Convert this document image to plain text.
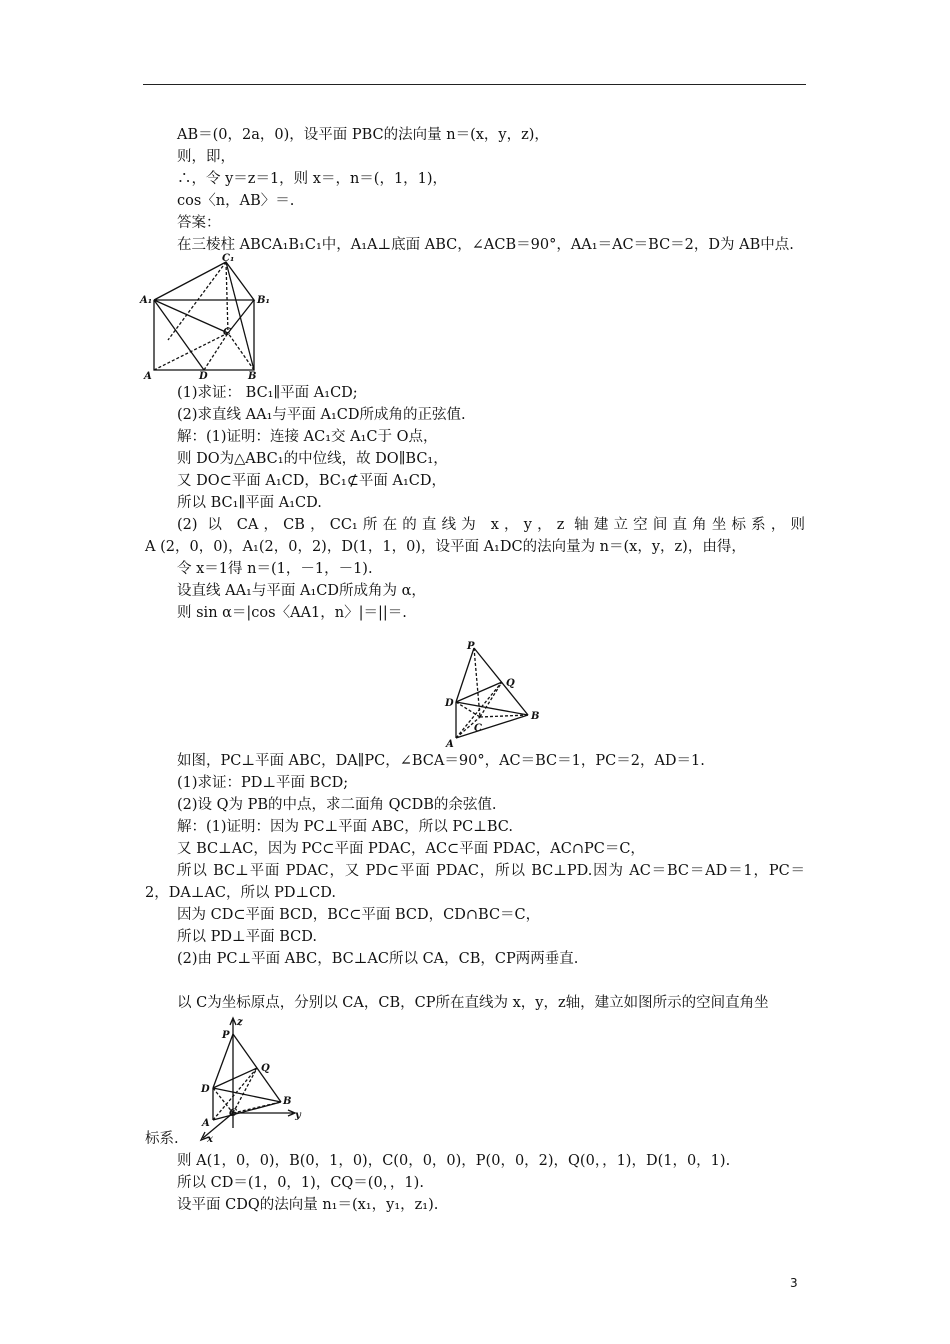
AB＝(0，2a，0)，设平面 PBC的法向量 n＝(x，y，z)，
则，即，
∴，令 y＝z＝1，则 x＝，n＝(，1，1)，
cos〈n，AB〉＝.
答案：
在三棱柱 ABCA₁B₁C₁中，A₁A⊥底面 ABC，∠ACB＝90°，AA₁＝AC＝BC＝2，D为 AB中点.
C₁
A₁	B₁
C
A	D	B
(1)求证： BC₁∥平面 A₁CD;
(2)求直线 AA₁与平面 A₁CD所成角的正弦值.
解：(1)证明：连接 AC₁交 A₁C于 O点，
则 DO为△ABC₁的中位线，故 DO∥BC₁，
又 DO⊂平面 A₁CD，BC₁⊄平面 A₁CD，
所以 BC₁∥平面 A₁CD.
(2) 以 CA，CB，CC₁所在的直线为 x，y，z 轴建立空间直角坐标系，则
A (2，0，0)，A₁(2，0，2)，D(1，1，0)，设平面 A₁DC的法向量为 n＝(x，y，z)，由得，
令 x＝1得 n＝(1，－1，－1).
设直线 AA₁与平面 A₁CD所成角为 α，
则 sin α＝|cos〈AA1，n〉|＝||＝.
P
Q
D
C
B
A
如图，PC⊥平面 ABC，DA∥PC，∠BCA＝90°，AC＝BC＝1，PC＝2，AD＝1.
(1)求证：PD⊥平面 BCD;
(2)设 Q为 PB的中点，求二面角 QCDB的余弦值.
解：(1)证明：因为 PC⊥平面 ABC，所以 PC⊥BC.
又 BC⊥AC，因为 PC⊂平面 PDAC，AC⊂平面 PDAC，AC∩PC＝C，
所以 BC⊥平面 PDAC，又 PD⊂平面 PDAC，所以 BC⊥PD.因为 AC＝BC＝AD＝1，PC＝
2，DA⊥AC，所以 PD⊥CD.
因为 CD⊂平面 BCD，BC⊂平面 BCD，CD∩BC＝C，
所以 PD⊥平面 BCD.
(2)由 PC⊥平面 ABC，BC⊥AC所以 CA，CB，CP两两垂直.
以 C为坐标原点，分别以 CA，CB，CP所在直线为 x，y，z轴，建立如图所示的空间直角坐
z
P
Q
D
C
B
y
A
x
标系.
则 A(1，0，0)，B(0，1，0)，C(0，0，0)，P(0，0，2)，Q(0，，1)，D(1，0，1).
所以 CD＝(1，0，1)，CQ＝(0，，1).
设平面 CDQ的法向量 n₁＝(x₁，y₁，z₁).
3
